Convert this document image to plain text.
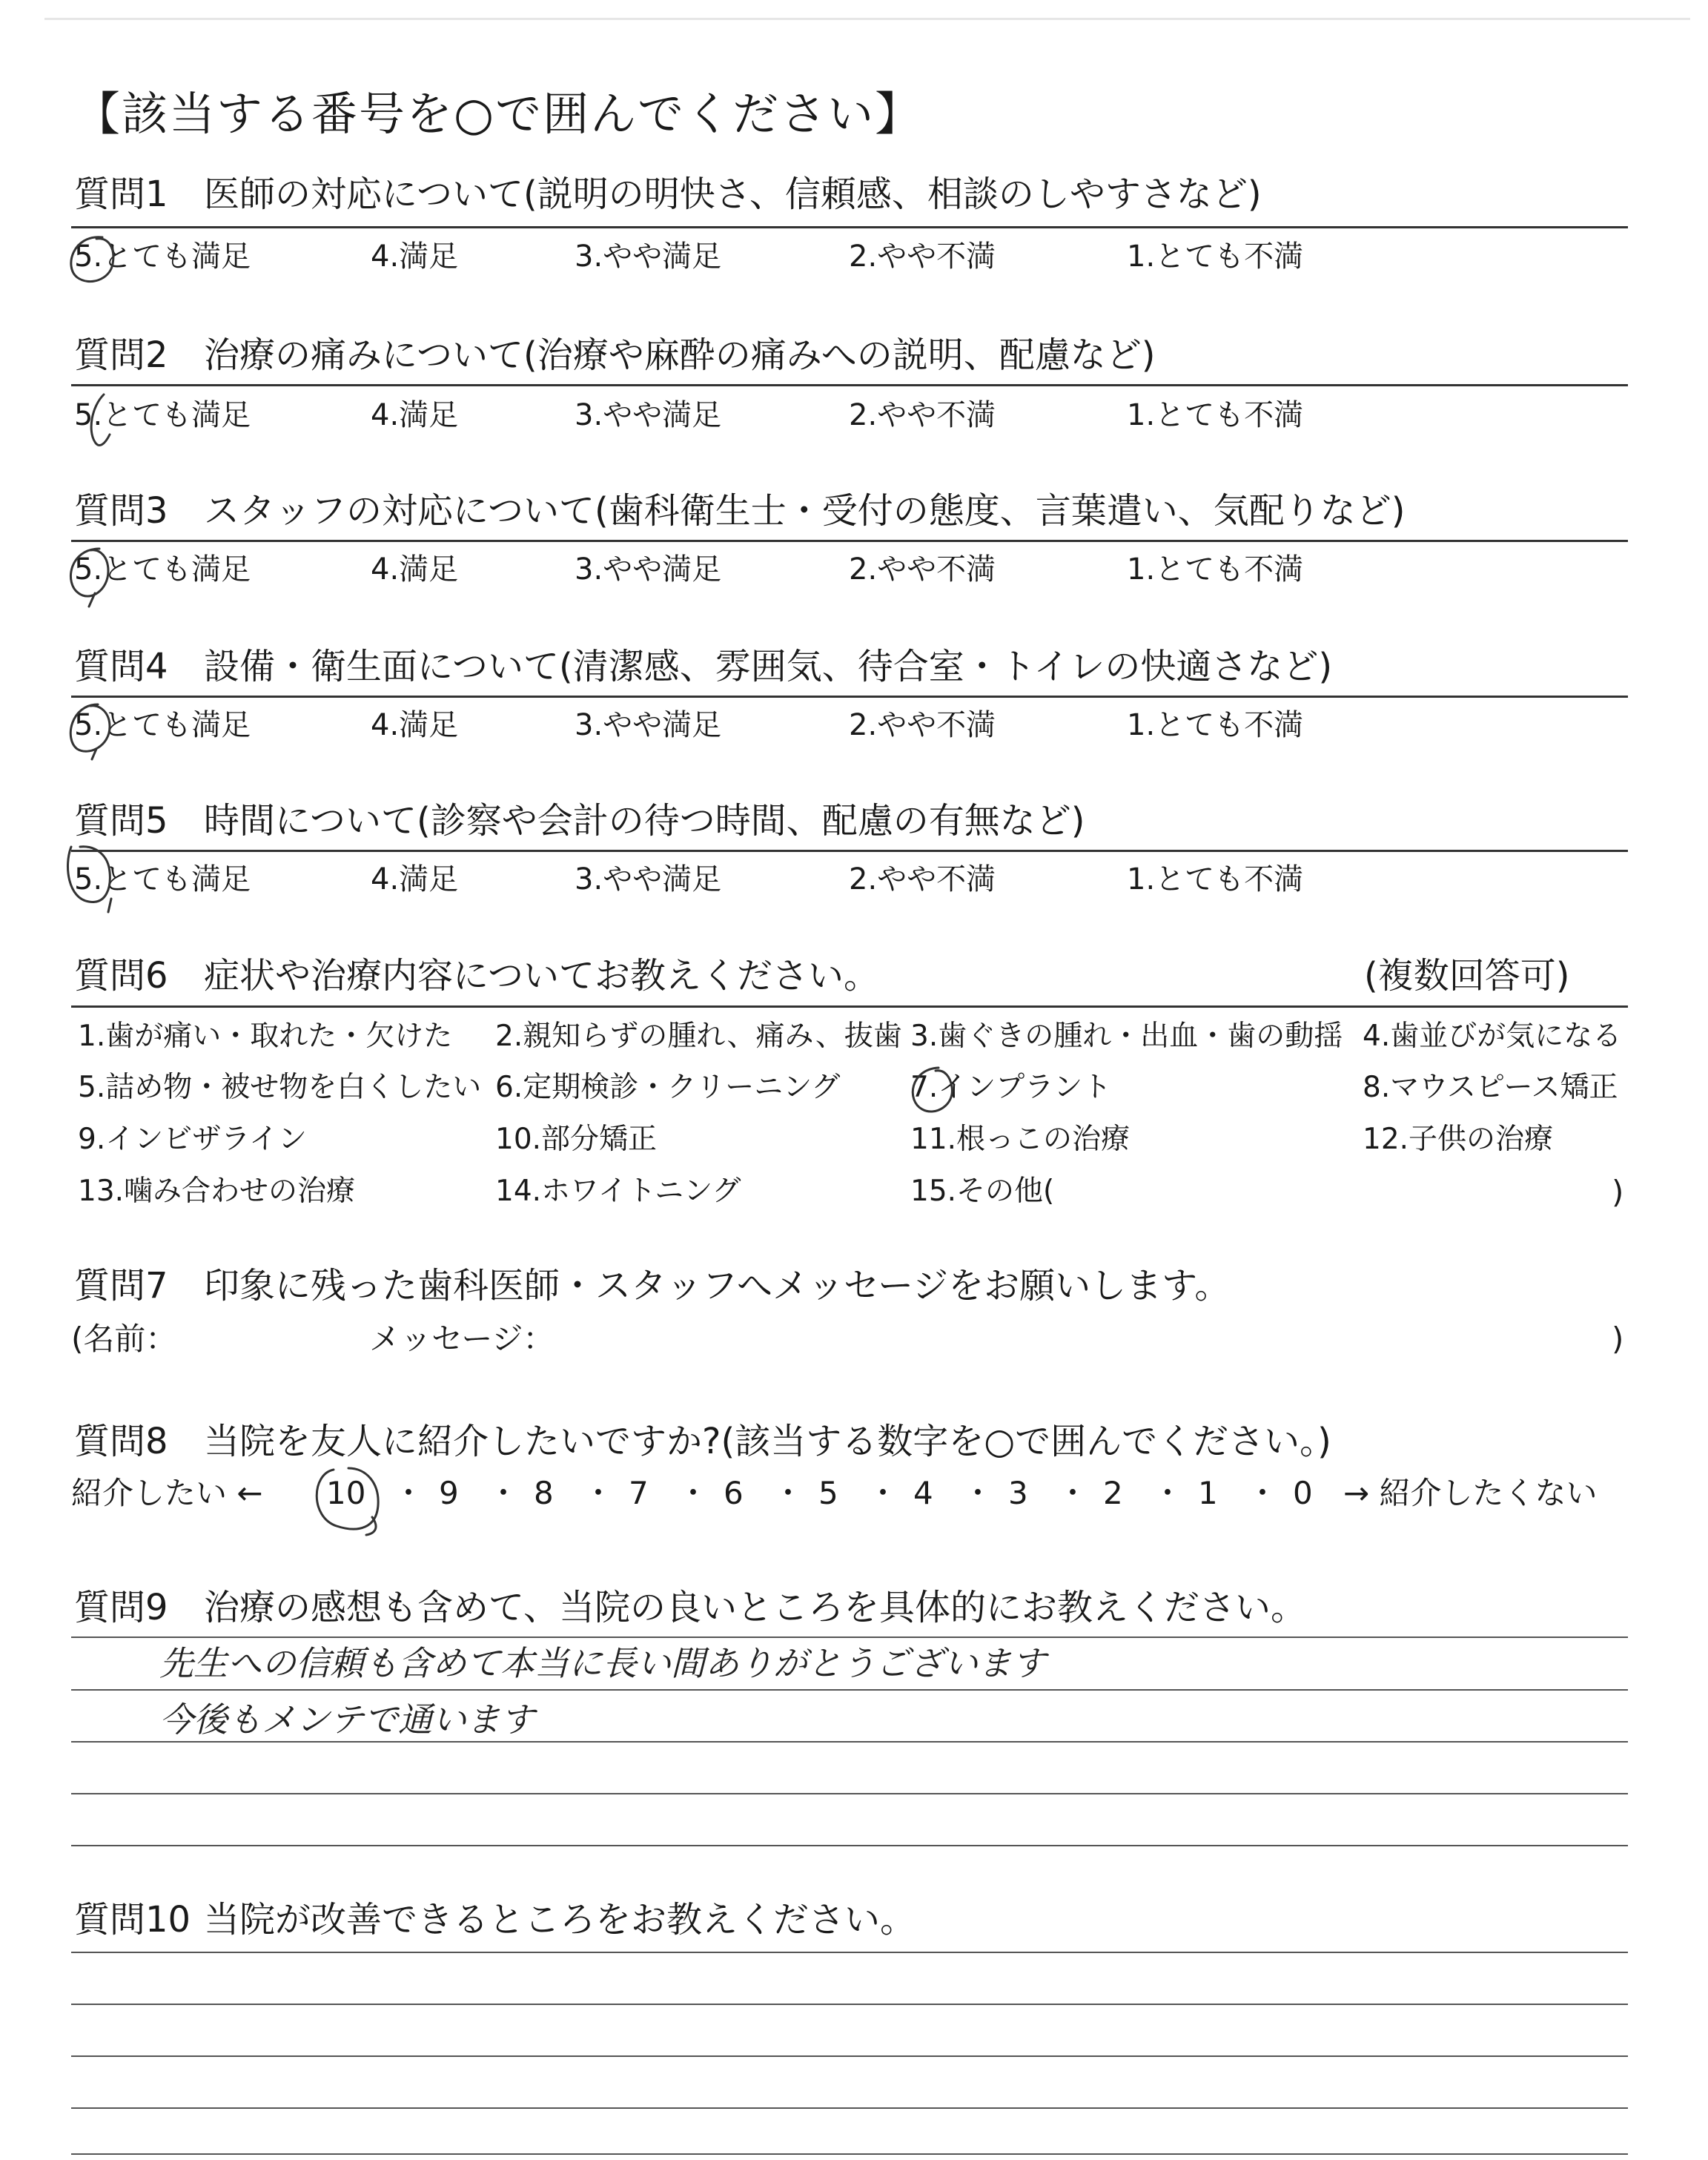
【該当する番号を○で囲んでください】
質問1 医師の対応について(説明の明快さ、信頼感、相談のしやすさなど)
5.とても満足	4.満足	3.やや満足	2.やや不満	1.とても不満
質問2 治療の痛みについて(治療や麻酔の痛みへの説明、配慮など)
5.とても満足	4.満足	3.やや満足	2.やや不満	1.とても不満
質問3 スタッフの対応について(歯科衛生士・受付の態度、言葉遣い、気配りなど)
5.とても満足	4.満足	3.やや満足	2.やや不満	1.とても不満
質問4 設備・衛生面について(清潔感、雰囲気、待合室・トイレの快適さなど)
5.とても満足	4.満足	3.やや満足	2.やや不満	1.とても不満
質問5 時間について(診察や会計の待つ時間、配慮の有無など)
5.とても満足	4.満足	3.やや満足	2.やや不満	1.とても不満
質問6 症状や治療内容についてお教えください。	(複数回答可)
1.歯が痛い・取れた・欠けた 2.親知らずの腫れ、痛み、抜歯 3.歯ぐきの腫れ・出血・歯の動揺 4.歯並びが気になる
5.詰め物・被せ物を白くしたい 6.定期検診・クリーニング 7.インプラント	8.マウスピース矯正
9.インビザライン	10.部分矯正	11.根っこの治療	12.子供の治療
13.噛み合わせの治療	14.ホワイトニング	15.その他(	)
質問7 印象に残った歯科医師・スタッフへメッセージをお願いします。
(名前：	メッセージ：	)
質問8 当院を友人に紹介したいですか?(該当する数字を○で囲んでください。)
紹介したい ← 10 ・ 9 ・ 8 ・ 7 ・ 6 ・ 5 ・ 4 ・ 3 ・ 2 ・ 1 ・ 0 → 紹介したくない
質問9 治療の感想も含めて、当院の良いところを具体的にお教えください。
先生への信頼も含めて本当に長い間ありがとうございます
今後もメンテで通います
質問10 当院が改善できるところをお教えください。
